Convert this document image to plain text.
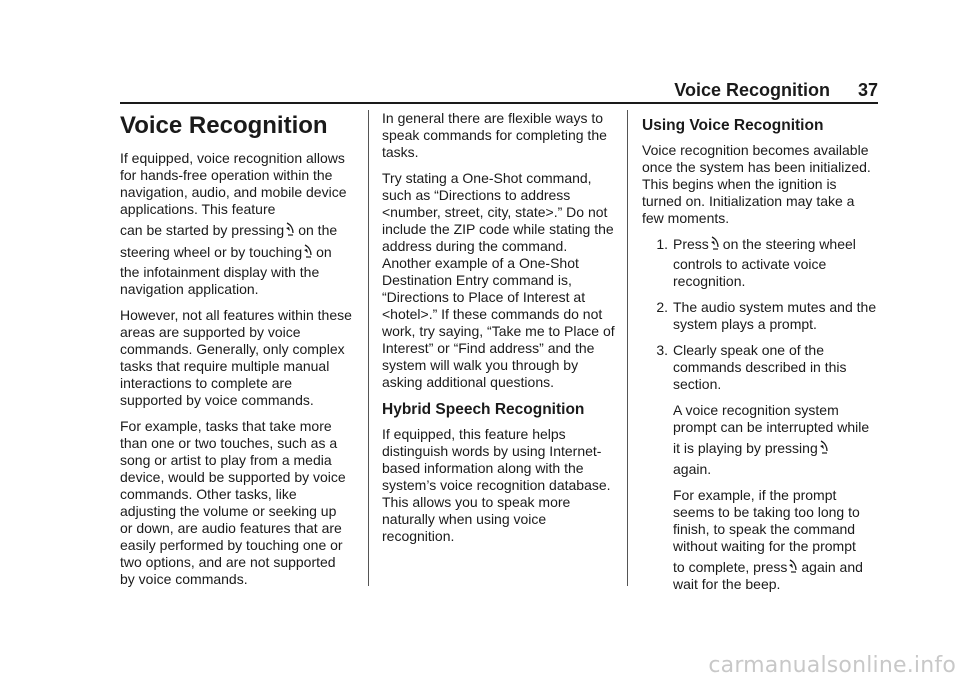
Voice Recognition 37
Voice Recognition

If equipped, voice recognition allows for hands-free operation within the navigation, audio, and mobile device applications. This feature
can be started by pressing on the
steering wheel or by touching on
the infotainment display with the navigation application.

However, not all features within these areas are supported by voice commands. Generally, only complex tasks that require multiple manual interactions to complete are supported by voice commands.

For example, tasks that take more than one or two touches, such as a song or artist to play from a media device, would be supported by voice commands. Other tasks, like adjusting the volume or seeking up or down, are audio features that are easily performed by touching one or two options, and are not supported by voice commands.

In general there are flexible ways to speak commands for completing the tasks.

Try stating a One-Shot command, such as “Directions to address <number, street, city, state>.” Do not include the ZIP code while stating the address during the command. Another example of a One-Shot Destination Entry command is, “Directions to Place of Interest at <hotel>.” If these commands do not work, try saying, “Take me to Place of Interest” or “Find address” and the system will walk you through by asking additional questions.

Hybrid Speech Recognition

If equipped, this feature helps distinguish words by using Internet-based information along with the system’s voice recognition database. This allows you to speak more naturally when using voice recognition.

Using Voice Recognition

Voice recognition becomes available once the system has been initialized. This begins when the ignition is turned on. Initialization may take a few moments.

1. Press on the steering wheel
controls to activate voice recognition.
2. The audio system mutes and the system plays a prompt.
3. Clearly speak one of the commands described in this section.

A voice recognition system prompt can be interrupted while
it is playing by pressing
again.

For example, if the prompt seems to be taking too long to finish, to speak the command without waiting for the prompt
to complete, press again and wait for the beep.

carmanualsonline.info
